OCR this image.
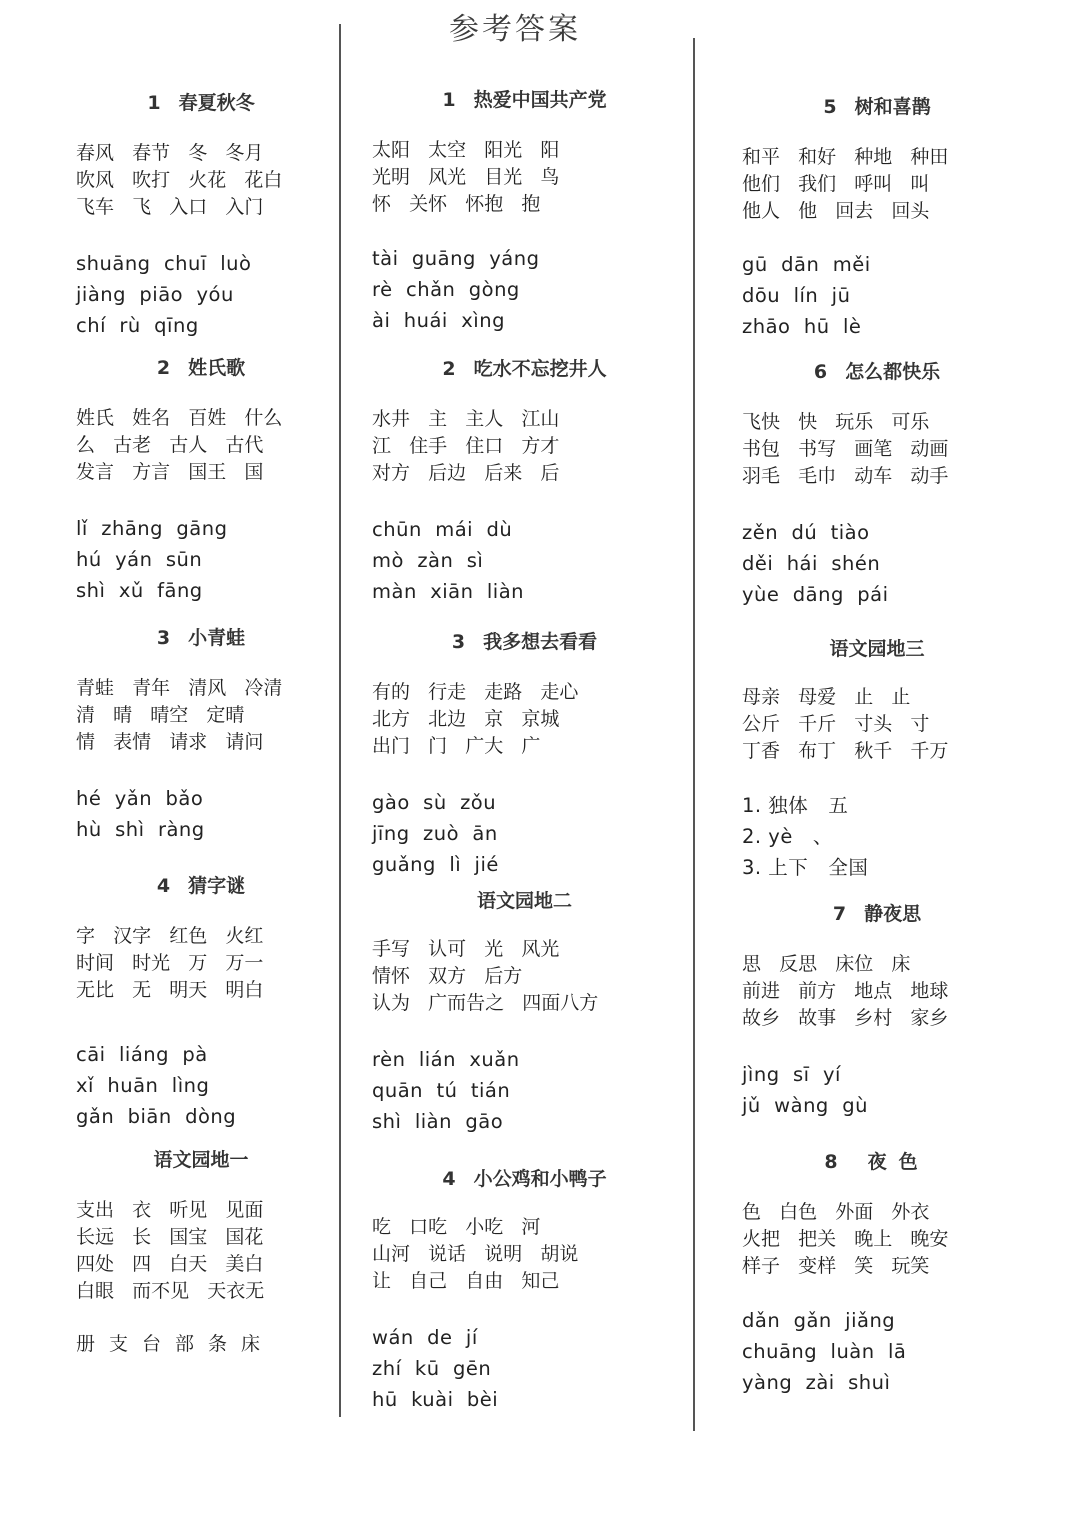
参考答案
1 春夏秋冬
春风   春节   冬   冬月
吹风   吹打   火花   花白
飞车   飞   入口   入门
shuāng  chuī  luò
jiàng  piāo  yóu
chí  rù  qīng
2 姓氏歌
姓氏   姓名   百姓   什么
么   古老   古人   古代
发言   方言   国王   国
lǐ  zhāng  gāng
hú  yán  sūn
shì  xǔ  fāng
3 小青蛙
青蛙   青年   清风   冷清
清   晴   晴空   定晴
情   表情   请求   请问
hé  yǎn  bǎo
hù  shì  ràng
4 猜字谜
字   汉字   红色   火红
时间   时光   万   万一
无比   无   明天   明白
cāi  liáng  pà
xǐ  huān  lìng
gǎn  biān  dòng
语文园地一
支出   衣   听见   见面
长远   长   国宝   国花
四处   四   白天   美白
白眼   而不见   天衣无
册支台部条床
1 热爱中国共产党
太阳   太空   阳光   阳
光明   风光   目光   鸟
怀   关怀   怀抱   抱
tài  guāng  yáng
rè  chǎn  gòng
ài  huái  xìng
2 吃水不忘挖井人
水井   主   主人   江山
江   住手   住口   方才
对方   后边   后来   后
chūn  mái  dù
mò  zàn  sì
màn  xiān  liàn
3 我多想去看看
有的   行走   走路   走心
北方   北边   京   京城
出门   门   广大   广
gào  sù  zǒu
jīng  zuò  ān
guǎng  lì  jié
语文园地二
手写   认可   光   风光
情怀   双方   后方
认为   广而告之   四面八方
rèn  lián  xuǎn
quān  tú  tián
shì  liàn  gāo
4 小公鸡和小鸭子
吃   口吃   小吃   河
山河   说话   说明   胡说
让   自己   自由   知己
wán  de  jí
zhí  kū  gēn
hū  kuài  bèi
5 树和喜鹊
和平   和好   种地   种田
他们   我们   呼叫   叫
他人   他   回去   回头
gū  dān  měi
dōu  lín  jū
zhāo  hū  lè
6 怎么都快乐
飞快   快   玩乐   可乐
书包   书写   画笔   动画
羽毛   毛巾   动车   动手
zěn  dú  tiào
děi  hái  shén
yùe  dāng  pái
语文园地三
母亲   母爱   止   止
公斤   千斤   寸头   寸
丁香   布丁   秋千   千万
1. 独体   五
2. yè   、
3. 上下   全国
7 静夜思
思   反思   床位   床
前进   前方   地点   地球
故乡   故事   乡村   家乡
jìng  sī  yí
jǔ  wàng  gù
8 夜色
色   白色   外面   外衣
火把   把关   晚上   晚安
样子   变样   笑   玩笑
dǎn  gǎn  jiǎng
chuāng  luàn  lā
yàng  zài  shuì
